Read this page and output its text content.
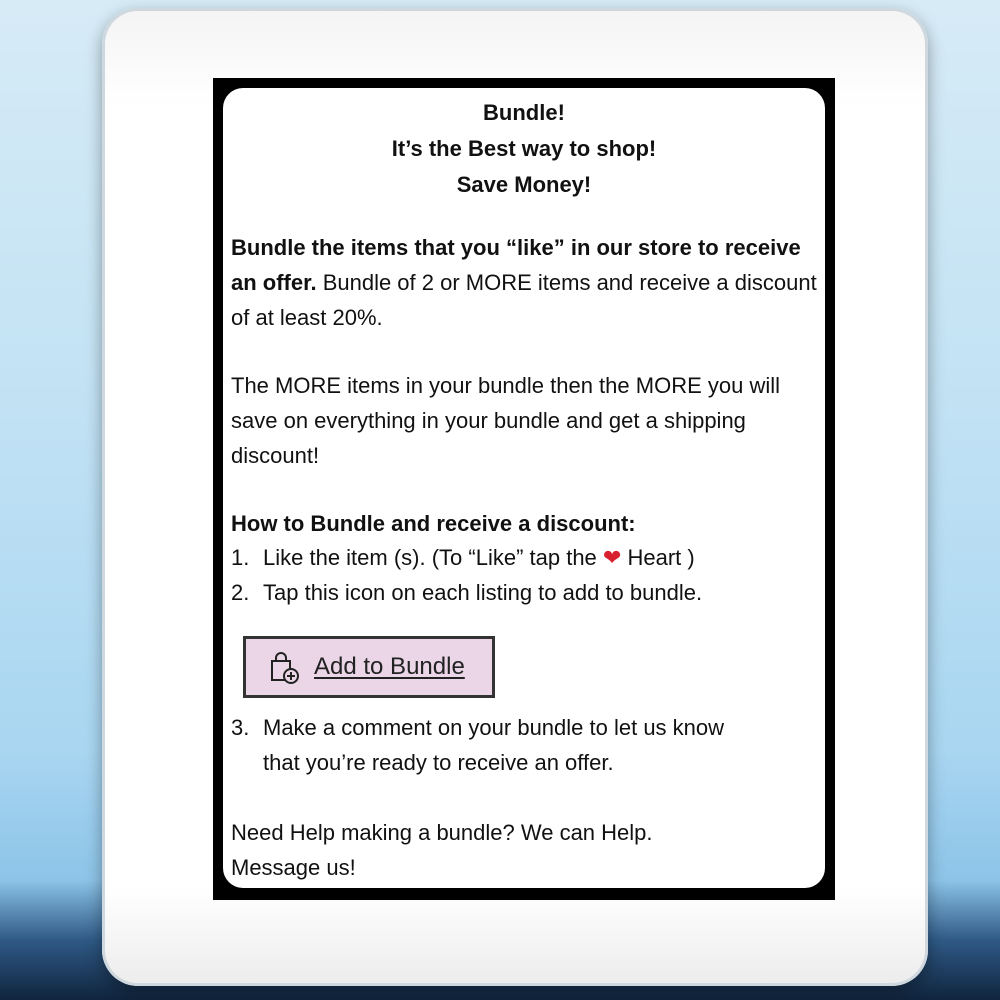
Bundle!
It’s the Best way to shop!
Save Money!
Bundle the items that you “like” in our store to receive an offer. Bundle of 2 or MORE items and receive a discount of at least 20%.
The MORE items in your bundle then the MORE you will save on everything in your bundle and get a shipping discount!
How to Bundle and receive a discount:
1. Like the item (s). (To “Like” tap the ❤ Heart )
2. Tap this icon on each listing to add to bundle.
Add to Bundle
3. Make a comment on your bundle to let us know
that you’re ready to receive an offer.
Need Help making a bundle? We can Help.
Message us!
